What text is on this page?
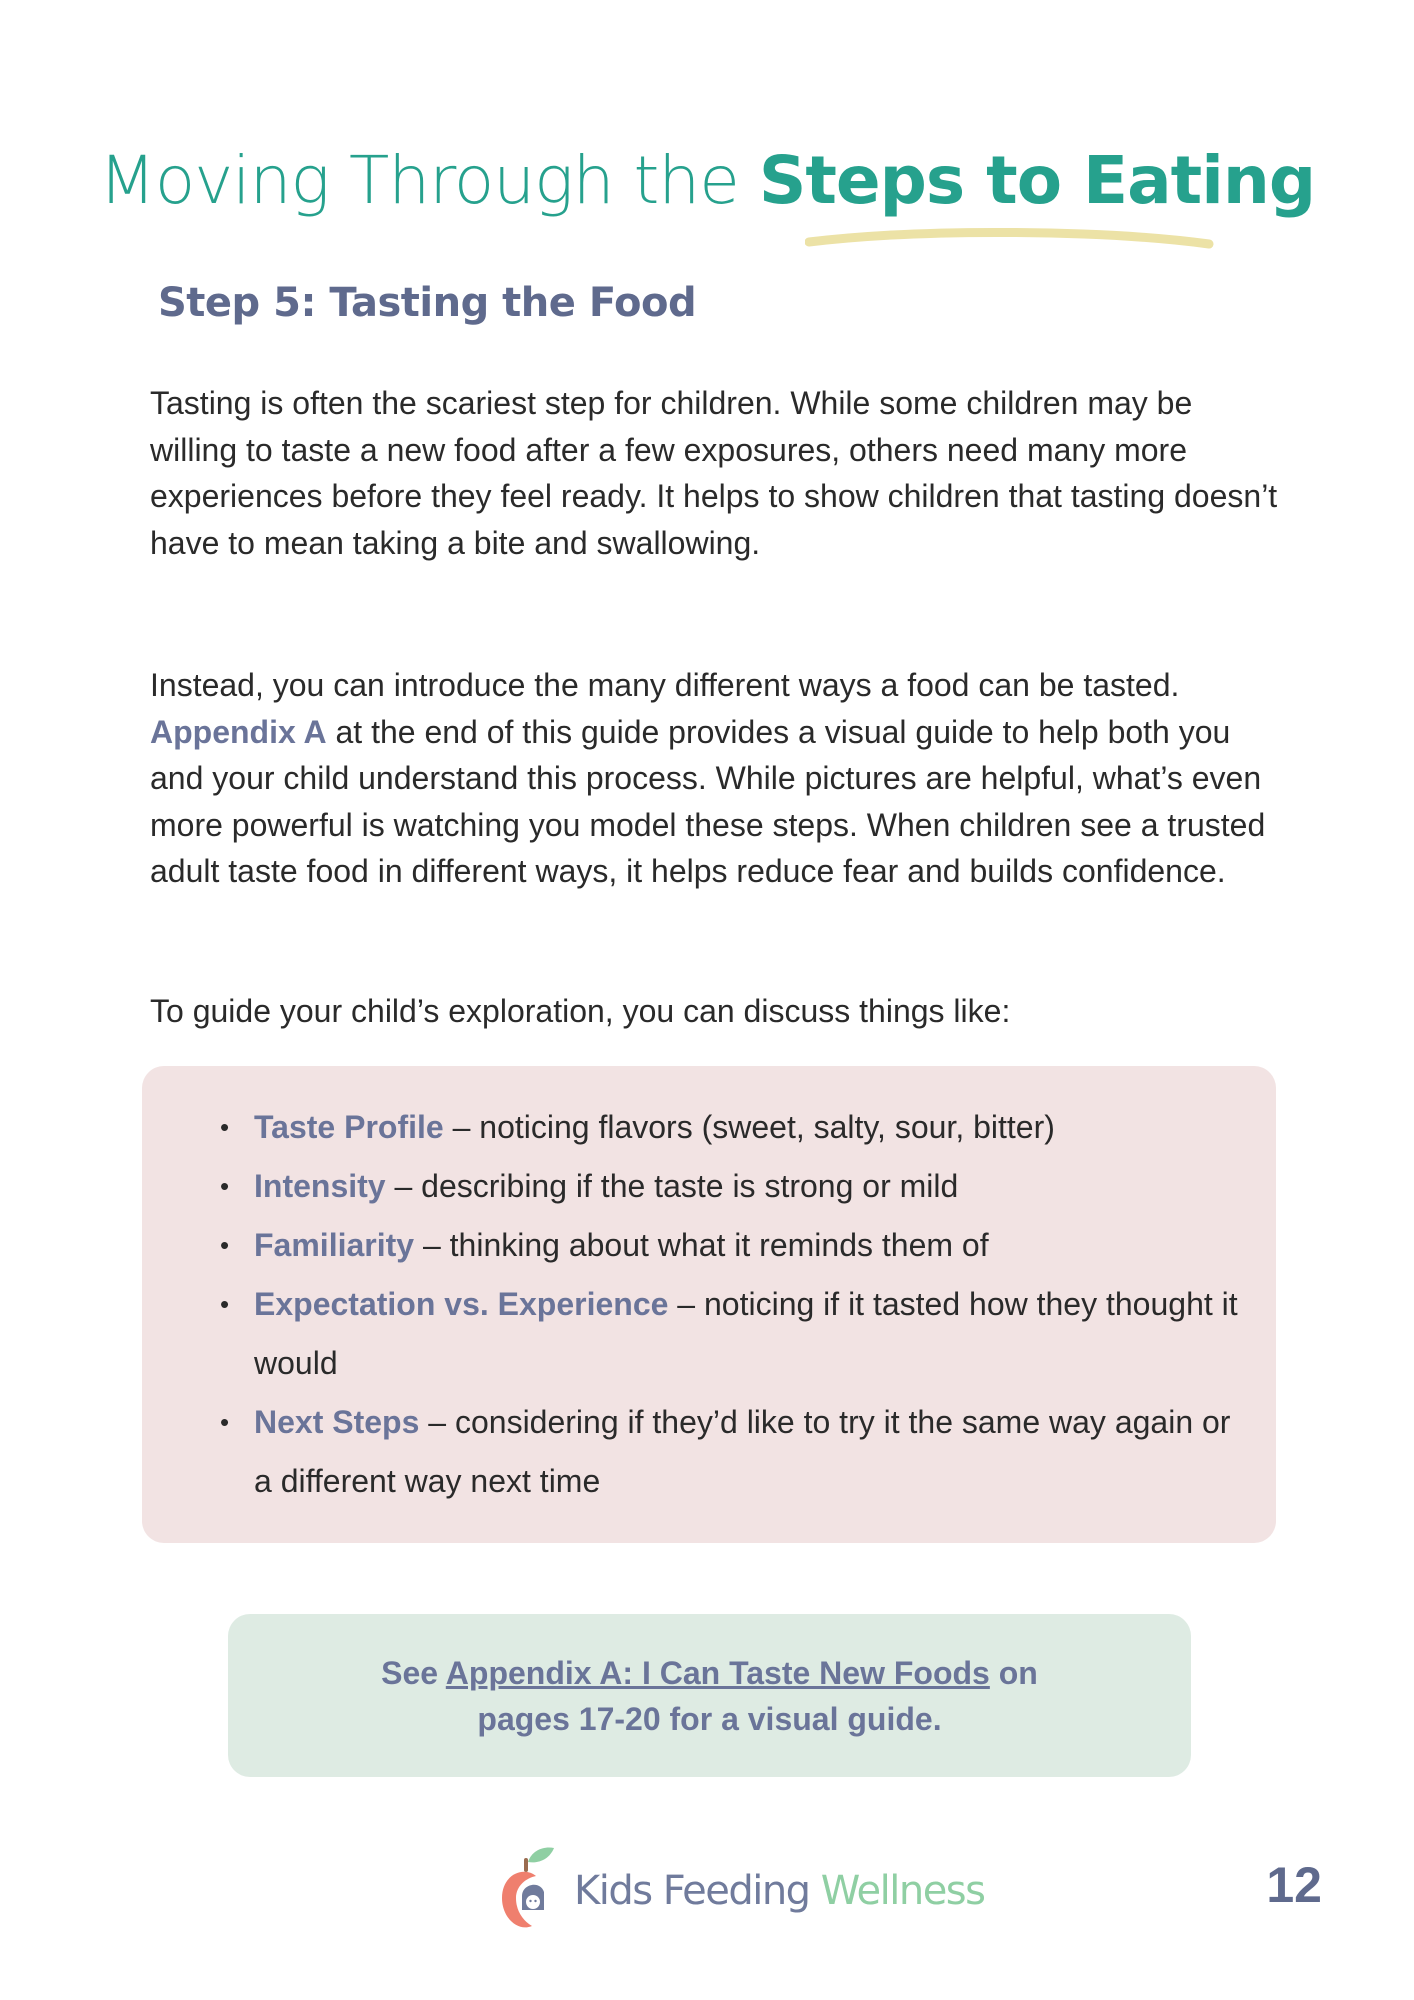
Moving Through the Steps to Eating
Step 5: Tasting the Food

Tasting is often the scariest step for children. While some children may be willing to taste a new food after a few exposures, others need many more experiences before they feel ready. It helps to show children that tasting doesn’t have to mean taking a bite and swallowing.

Instead, you can introduce the many different ways a food can be tasted. Appendix A at the end of this guide provides a visual guide to help both you and your child understand this process. While pictures are helpful, what’s even more powerful is watching you model these steps. When children see a trusted adult taste food in different ways, it helps reduce fear and builds confidence.

To guide your child’s exploration, you can discuss things like:

• Taste Profile – noticing flavors (sweet, salty, sour, bitter)
• Intensity – describing if the taste is strong or mild
• Familiarity – thinking about what it reminds them of
• Expectation vs. Experience – noticing if it tasted how they thought it would
• Next Steps – considering if they’d like to try it the same way again or a different way next time
See Appendix A: I Can Taste New Foods on
pages 17-20 for a visual guide.
Kids Feeding Wellness	12
